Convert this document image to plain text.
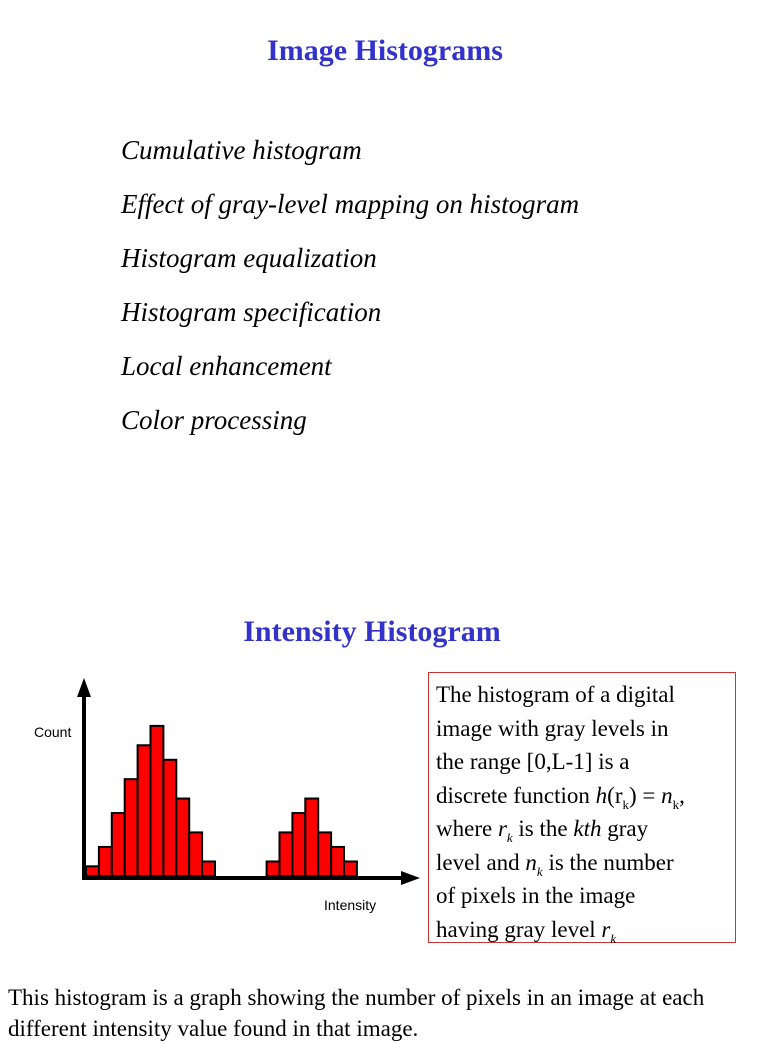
Image Histograms
Cumulative histogram
Effect of gray-level mapping on histogram
Histogram equalization
Histogram specification
Local enhancement
Color processing
Intensity Histogram
Count
Intensity
The histogram of a digital
image with gray levels in
the range [0,L-1] is a
discrete function $h(r_k) = n_k$,
where $r_k$ is the kth gray
level and $n_k$ is the number
of pixels in the image
having gray level $r_k$

This histogram is a graph showing the number of pixels in an image at each different intensity value found in that image.
